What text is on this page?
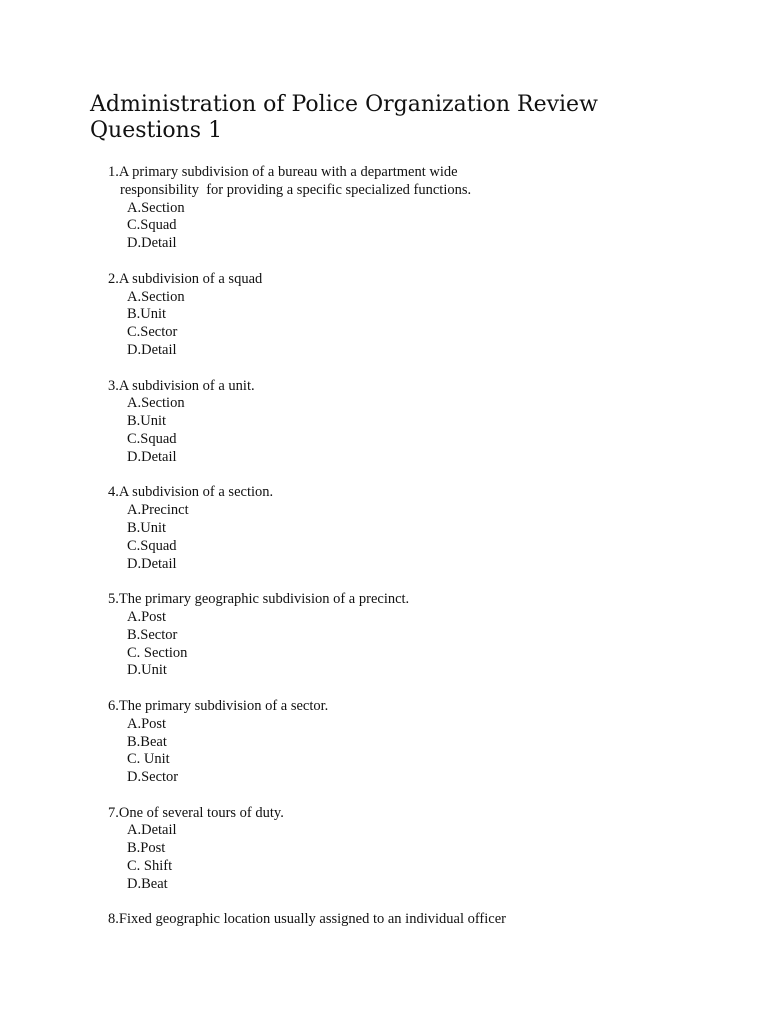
Administration of Police Organization Review
Questions 1
1.A primary subdivision of a bureau with a department wide
responsibility  for providing a specific specialized functions.
A.Section
C.Squad
D.Detail
2.A subdivision of a squad
A.Section
B.Unit
C.Sector
D.Detail
3.A subdivision of a unit.
A.Section
B.Unit
C.Squad
D.Detail
4.A subdivision of a section.
A.Precinct
B.Unit
C.Squad
D.Detail
5.The primary geographic subdivision of a precinct.
A.Post
B.Sector
C. Section
D.Unit
6.The primary subdivision of a sector.
A.Post
B.Beat
C. Unit
D.Sector
7.One of several tours of duty.
A.Detail
B.Post
C. Shift
D.Beat
8.Fixed geographic location usually assigned to an individual officer
